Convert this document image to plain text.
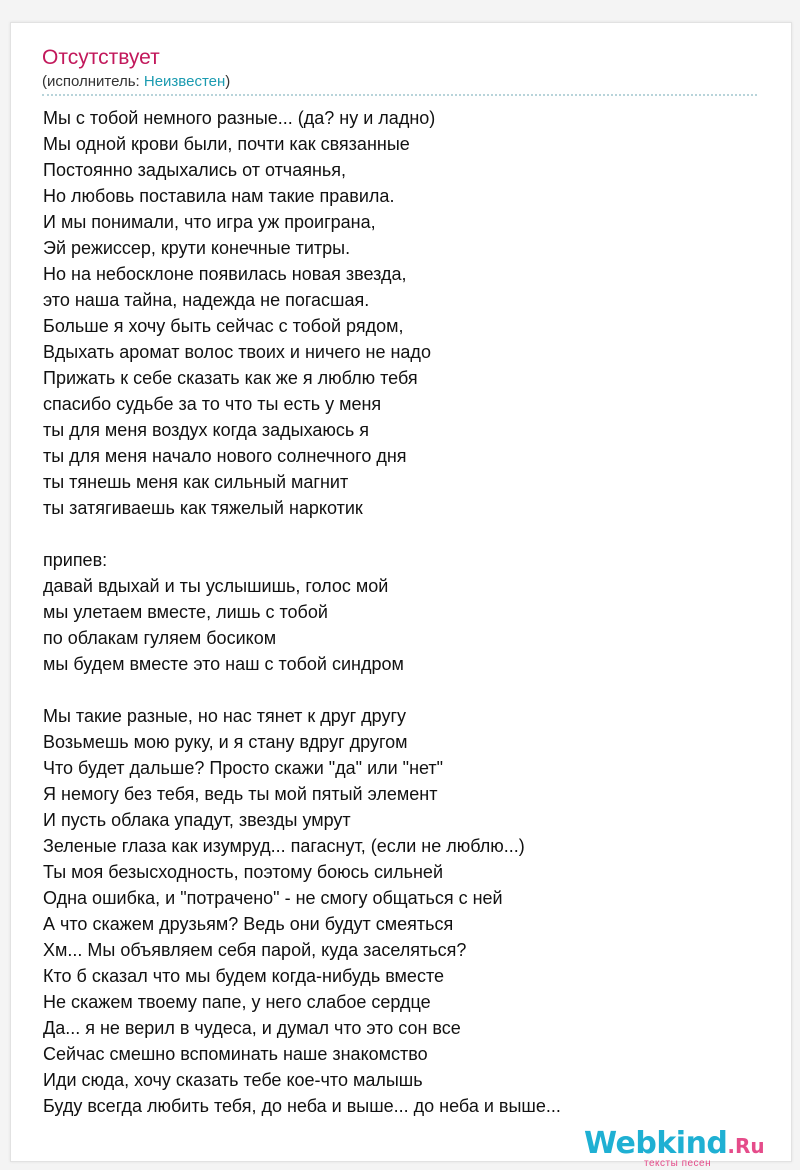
Отсутствует
(исполнитель: Неизвестен)
Мы с тобой немного разные... (да? ну и ладно)
Мы одной крови были, почти как связанные
Постоянно задыхались от отчаянья,
Но любовь поставила нам такие правила.
И мы понимали, что игра уж проиграна,
Эй режиссер, крути конечные титры.
Но на небосклоне появилась новая звезда,
это наша тайна, надежда не погасшая.
Больше я хочу быть сейчас с тобой рядом,
Вдыхать аромат волос твоих и ничего не надо
Прижать к себе сказать как же я люблю тебя
спасибо судьбе за то что ты есть у меня
ты для меня воздух когда задыхаюсь я
ты для меня начало нового солнечного дня
ты тянешь меня как сильный магнит
ты затягиваешь как тяжелый наркотик
припев:
давай вдыхай и ты услышишь, голос мой
мы улетаем вместе, лишь с тобой
по облакам гуляем босиком
мы будем вместе это наш с тобой синдром
Мы такие разные, но нас тянет к друг другу
Возьмешь мою руку, и я стану вдруг другом
Что будет дальше? Просто скажи "да" или "нет"
Я немогу без тебя, ведь ты мой пятый элемент
И пусть облака упадут, звезды умрут
Зеленые глаза как изумруд... пагаснут, (если не люблю...)
Ты моя безысходность, поэтому боюсь сильней
Одна ошибка, и "потрачено" - не смогу общаться с ней
А что скажем друзьям? Ведь они будут смеяться
Хм... Мы объявляем себя парой, куда заселяться?
Кто б сказал что мы будем когда-нибудь вместе
Не скажем твоему папе, у него слабое сердце
Да... я не верил в чудеса, и думал что это сон все
Сейчас смешно вспоминать наше знакомство
Иди сюда, хочу сказать тебе кое-что малышь
Буду всегда любить тебя, до неба и выше... до неба и выше...
Webkind.Ru
тексты песен
